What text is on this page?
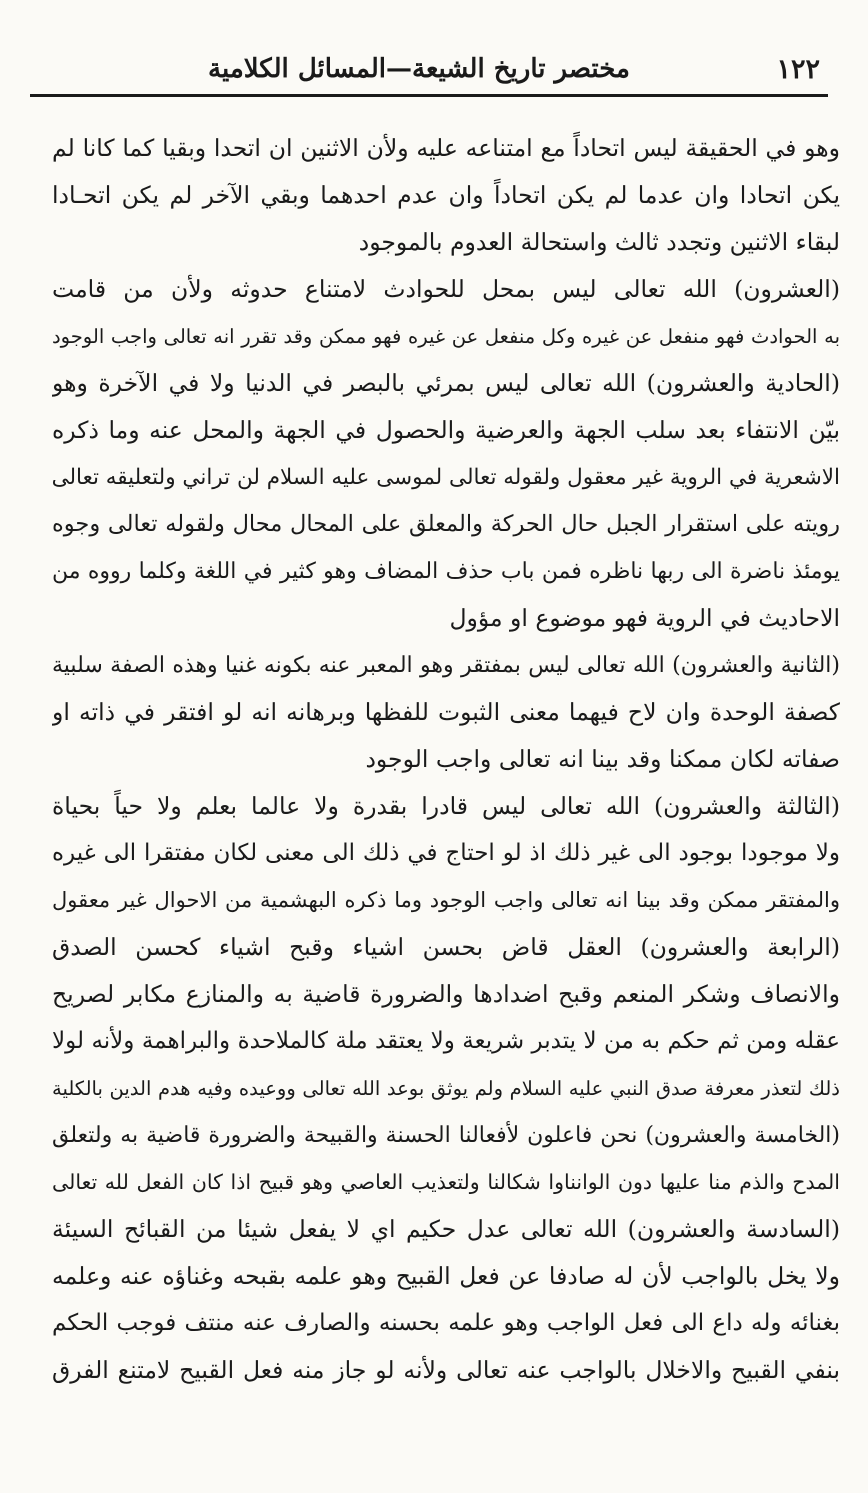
١٢٢
مختصر تاريخ الشيعة—المسائل الكلامية
وهو في الحقيقة ليس اتحاداً مع امتناعه عليه ولأن الاثنين ان اتحدا وبقيا كما كانا لم
يكن اتحادا وان عدما لم يكن اتحاداً وان عدم احدهما وبقي الآخر لم يكن اتحـادا
لبقاء الاثنين وتجدد ثالث واستحالة العدوم بالموجود
(العشرون) الله تعالى ليس بمحل للحوادث لامتناع حدوثه ولأن من قامت
به الحوادث فهو منفعل عن غيره وكل منفعل عن غيره فهو ممكن وقد تقرر انه تعالى واجب الوجود
(الحادية والعشرون) الله تعالى ليس بمرئي بالبصر في الدنيا ولا في الآخرة وهو
بيّن الانتفاء بعد سلب الجهة والعرضية والحصول في الجهة والمحل عنه وما ذكره
الاشعرية في الروية غير معقول ولقوله تعالى لموسى عليه السلام لن تراني ولتعليقه تعالى
رويته على استقرار الجبل حال الحركة والمعلق على المحال محال ولقوله تعالى وجوه
يومئذ ناضرة الى ربها ناظره فمن باب حذف المضاف وهو كثير في اللغة وكلما رووه من
الاحاديث في الروية فهو موضوع او مؤول
(الثانية والعشرون) الله تعالى ليس بمفتقر وهو المعبر عنه بكونه غنيا وهذه الصفة سلبية
كصفة الوحدة وان لاح فيهما معنى الثبوت للفظها وبرهانه انه لو افتقر في ذاته او
صفاته لكان ممكنا وقد بينا انه تعالى واجب الوجود
(الثالثة والعشرون) الله تعالى ليس قادرا بقدرة ولا عالما بعلم ولا حياً بحياة
ولا موجودا بوجود الى غير ذلك اذ لو احتاج في ذلك الى معنى لكان مفتقرا الى غيره
والمفتقر ممكن وقد بينا انه تعالى واجب الوجود وما ذكره البهشمية من الاحوال غير معقول
(الرابعة والعشرون) العقل قاض بحسن اشياء وقبح اشياء كحسن الصدق
والانصاف وشكر المنعم وقبح اضدادها والضرورة قاضية به والمنازع مكابر لصريح
عقله ومن ثم حكم به من لا يتدبر شريعة ولا يعتقد ملة كالملاحدة والبراهمة ولأنه لولا
ذلك لتعذر معرفة صدق النبي عليه السلام ولم يوثق بوعد الله تعالى ووعيده وفيه هدم الدين بالكلية
(الخامسة والعشرون) نحن فاعلون لأفعالنا الحسنة والقبيحة والضرورة قاضية به ولتعلق
المدح والذم منا عليها دون الوانناوا شكالنا ولتعذيب العاصي وهو قبيح اذا كان الفعل لله تعالى
(السادسة والعشرون) الله تعالى عدل حكيم اي لا يفعل شيئا من القبائح السيئة
ولا يخل بالواجب لأن له صادفا عن فعل القبيح وهو علمه بقبحه وغناؤه عنه وعلمه
بغنائه وله داع الى فعل الواجب وهو علمه بحسنه والصارف عنه منتف فوجب الحكم
بنفي القبيح والاخلال بالواجب عنه تعالى ولأنه لو جاز منه فعل القبيح لامتنع الفرق
